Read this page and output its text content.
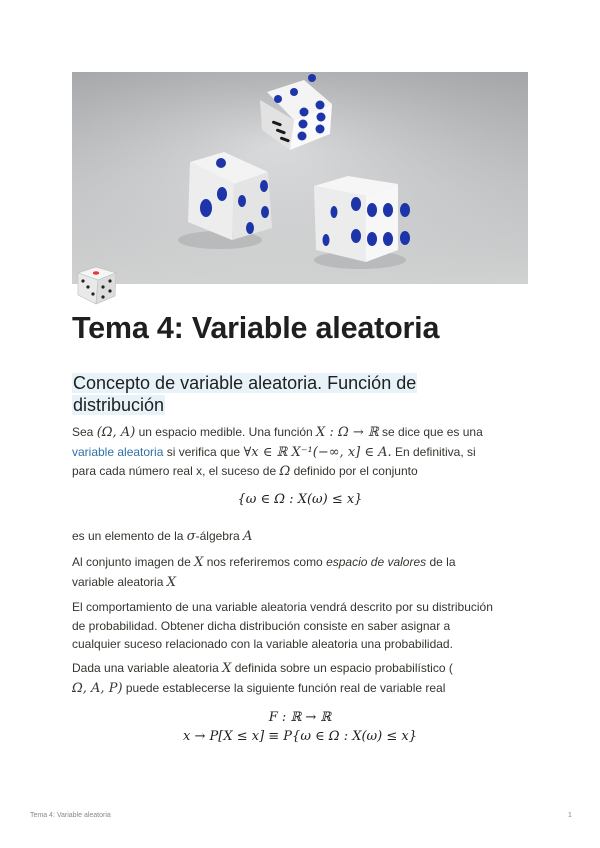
Tema 4: Variable aleatoria
Concepto de variable aleatoria. Función de distribución

Sea (Ω, A) un espacio medible. Una función X : Ω → ℝ se dice que es una
variable aleatoria si verifica que ∀x ∈ ℝ X⁻¹(−∞, x] ∈ A. En definitiva, si
para cada número real x, el suceso de Ω definido por el conjunto

{ω ∈ Ω : X(ω) ≤ x}

es un elemento de la σ-álgebra A

Al conjunto imagen de X nos referiremos como espacio de valores de la
variable aleatoria X

El comportamiento de una variable aleatoria vendrá descrito por su distribución
de probabilidad. Obtener dicha distribución consiste en saber asignar a
cualquier suceso relacionado con la variable aleatoria una probabilidad.

Dada una variable aleatoria X definida sobre un espacio probabilístico (
Ω, A, P) puede establecerse la siguiente función real de variable real

F : ℝ → ℝ
x → P[X ≤ x] ≡ P{ω ∈ Ω : X(ω) ≤ x}
Tema 4: Variable aleatoria	1
